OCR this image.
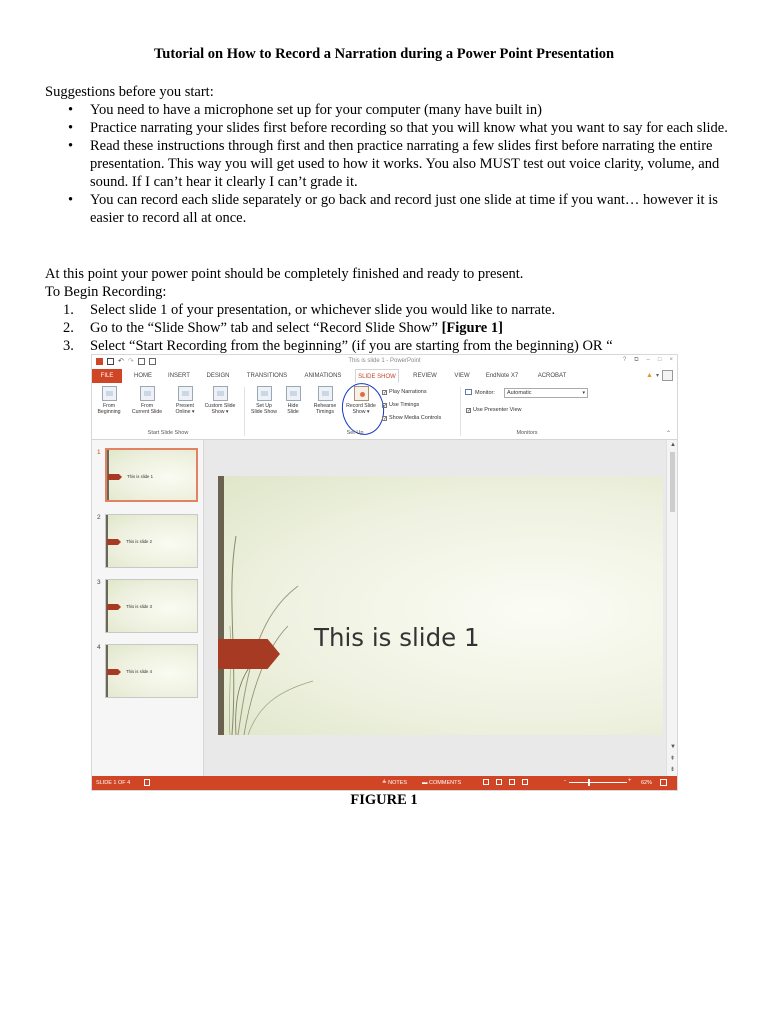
Tutorial on How to Record a Narration during a Power Point Presentation
Suggestions before you start:
• You need to have a microphone set up for your computer (many have built in)
• Practice narrating your slides first before recording so that you will know what you want to say for each slide.
• Read these instructions through first and then practice narrating a few slides first before narrating the entire presentation. This way you will get used to how it works. You also MUST test out voice clarity, volume, and sound. If I can’t hear it clearly I can’t grade it.
• You can record each slide separately or go back and record just one slide at time if you want… however it is easier to record all at once.
At this point your power point should be completely finished and ready to present.
To Begin Recording:
1. Select slide 1 of your presentation, or whichever slide you would like to narrate.
2. Go to the “Slide Show” tab and select “Record Slide Show” [Figure 1]
3. Select “Start Recording from the beginning” (if you are starting from the beginning) OR “
↶ ↷	This is slide 1 - PowerPoint	? ⧉ – □ ×
FILE	HOME	INSERT	DESIGN	TRANSITIONS	ANIMATIONS	SLIDE SHOW	REVIEW	VIEW	EndNote X7	ACROBAT	▲ ▾
From
Beginning
From
Current Slide
Present
Online ▾
Custom Slide
Show ▾
Start Slide Show
Set Up
Slide Show
Hide
Slide
Rehearse
Timings
Record Slide
Show ▾
✓ Play Narrations
✓ Use Timings
✓ Show Media Controls
Set Up
Monitor:	Automatic ▾
✓ Use Presenter View
Monitors	⌃
1
This is slide 1
2
This is slide 2
3
This is slide 3
4
This is slide 4
This is slide 1
▲
▼
⇞
⇟
SLIDE 1 OF 4	≜ NOTES	▬ COMMENTS	-	+ 62%
FIGURE 1
